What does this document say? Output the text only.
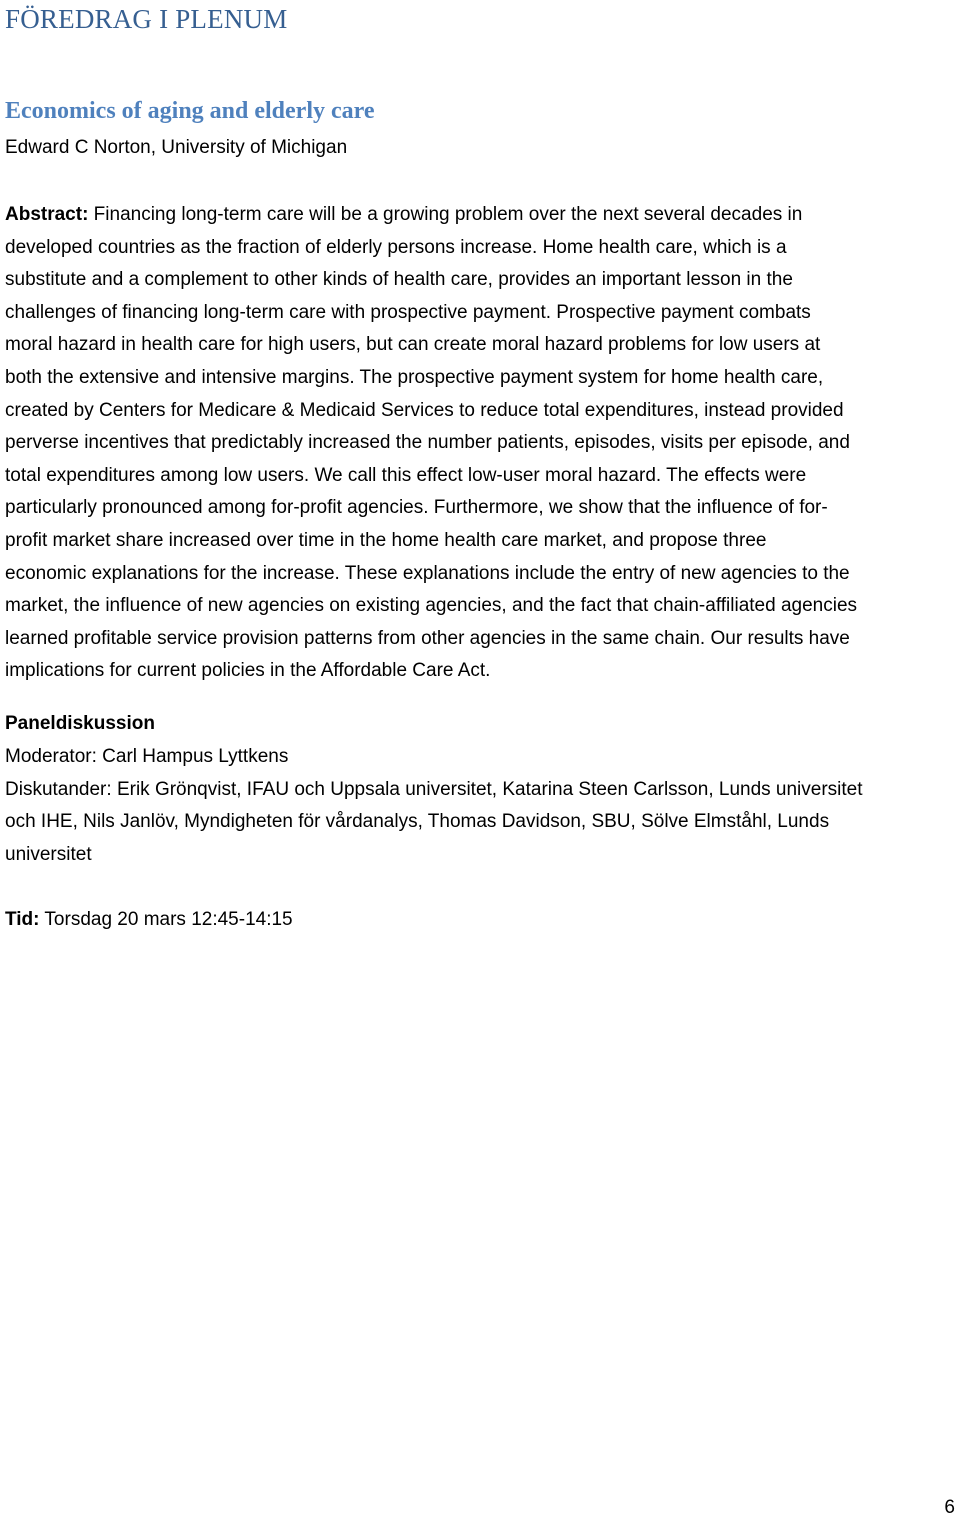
FÖREDRAG I PLENUM
Economics of aging and elderly care
Edward C Norton, University of Michigan
Abstract: Financing long-term care will be a growing problem over the next several decades in
developed countries as the fraction of elderly persons increase. Home health care, which is a
substitute and a complement to other kinds of health care, provides an important lesson in the
challenges of financing long-term care with prospective payment. Prospective payment combats
moral hazard in health care for high users, but can create moral hazard problems for low users at
both the extensive and intensive margins. The prospective payment system for home health care,
created by Centers for Medicare & Medicaid Services to reduce total expenditures, instead provided
perverse incentives that predictably increased the number patients, episodes, visits per episode, and
total expenditures among low users. We call this effect low-user moral hazard. The effects were
particularly pronounced among for-profit agencies. Furthermore, we show that the influence of for-
profit market share increased over time in the home health care market, and propose three
economic explanations for the increase. These explanations include the entry of new agencies to the
market, the influence of new agencies on existing agencies, and the fact that chain-affiliated agencies
learned profitable service provision patterns from other agencies in the same chain. Our results have
implications for current policies in the Affordable Care Act.
Paneldiskussion
Moderator: Carl Hampus Lyttkens
Diskutander: Erik Grönqvist, IFAU och Uppsala universitet, Katarina Steen Carlsson, Lunds universitet
och IHE, Nils Janlöv, Myndigheten för vårdanalys, Thomas Davidson, SBU, Sölve Elmståhl, Lunds
universitet
Tid: Torsdag 20 mars 12:45-14:15
6
